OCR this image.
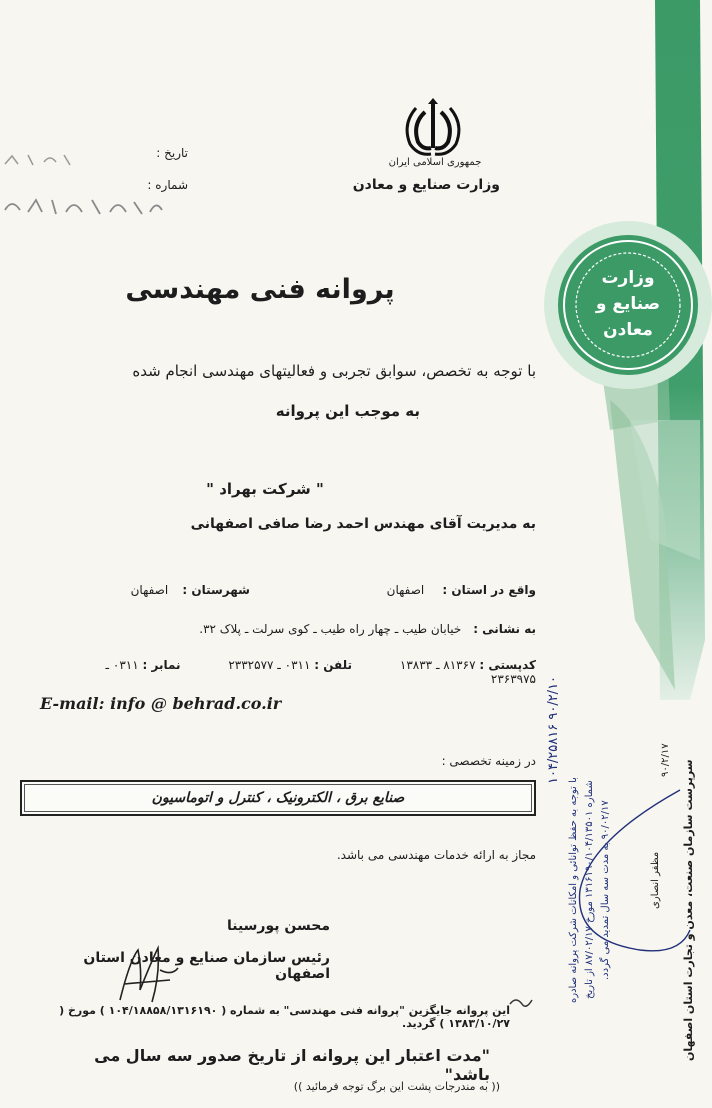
وزارت
صنایع و
معادن
جمهوری اسلامی ایران
وزارت صنایع و معادن
تاریخ :
شماره :
پروانه فنی مهندسی
با توجه به تخصص، سوابق تجربی و فعالیتهای مهندسی انجام شده
به موجب این پروانه
" شرکت بهراد "
به مدیریت آقای مهندس احمد رضا صافی اصفهانی
واقع در استان : اصفهان
شهرستان : اصفهان
به نشانی : خیابان طیب ـ چهار راه طیب ـ کوی سرلت ـ پلاک ۳۲.
کدپستی : ۸۱۳۶۷ ـ ۱۳۸۳۳ تلفن : ۰۳۱۱ ـ ۲۳۳۲۵۷۷ نمابر : ۰۳۱۱ ـ ۲۳۶۳۹۷۵
E-mail: info @ behrad.co.ir
در زمینه تخصصی :
صنایع برق ، الکترونیک ، کنترل و اتوماسیون
مجاز به ارائه خدمات مهندسی می باشد.
محسن پورسینا
رئیس سازمان صنایع و معادن استان اصفهان
این پروانه جایگزین "پروانه فنی مهندسی" به شماره ( ۱۰۴/۱۸۸۵۸/۱۳۱۶۱۹۰ ) مورخ ( ۱۳۸۳/۱۰/۲۷ ) گردید.
"مدت اعتبار این پروانه از تاریخ صدور سه سال می باشد"
(( به مندرجات پشت این برگ توجه فرمائید ))
۱۰۴/۲۵۸۱۶ ۹۰/۲/۱۰
با توجه به حفظ توانائی و امکانات شرکت پروانه صادره شماره ۱۳۱۶۱۹۰/۱۰۴/۱۳۵۰۱ مورخ ۸۷/۰۲/۱۷ از تاریخ
۹۰/۰۲/۱۷ به مدت سه سال تمدید می گردد.
مظفر انصاری
۹۰/۲/۱۷ سرپرست سازمان صنعت، معدن و تجارت استان اصفهان
